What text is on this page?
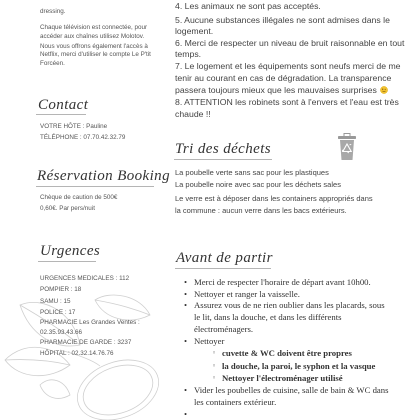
dressing.
Chaque télévision est connectée, pour
accéder aux chaînes utilisez Molotov.
Nous vous offrons également l'accès à
Netflix, merci d'utiliser le compte Le P'tit
Forcéen.
Contact
VOTRE HÔTE : Pauline
TÉLÉPHONE : 07.70.42.32.79
Réservation Booking
Chèque de caution de 500€
0,60€. Par pers/nuit
Urgences
URGENCES MEDICALES : 112
POMPIER : 18
SAMU : 15
POLICE : 17
PHARMACIE Les Grandes Ventes :
02.35.93.43.66
PHARMACIE DE GARDE : 3237
HÔPITAL : 02.32.14.76.76
4. Les animaux ne sont pas acceptés.
5. Aucune substances illégales ne sont admises dans le
logement.
6. Merci de respecter un niveau de bruit raisonnable en tout
temps.
7. Le logement et les équipements sont neufs merci de me
tenir au courant en cas de dégradation. La transparence
passera toujours mieux que les mauvaises surprises
8. ATTENTION les robinets sont à l'envers et l'eau est très
chaude !!
Tri des déchets
La poubelle verte sans sac pour les plastiques
La poubelle noire avec sac pour les déchets sales
Le verre est à déposer dans les containers appropriés dans
la commune : aucun verre dans les bacs extérieurs.
Avant de partir
• Merci de respecter l'horaire de départ avant 10h00.
• Nettoyer et ranger la vaisselle.
• Assurez vous de ne rien oublier dans les placards, sous
le lit, dans la douche, et dans les différents
électroménagers.
• Nettoyer
◦ cuvette & WC doivent être propres
◦ la douche, la paroi, le syphon et la vasque
◦ Nettoyer l'électroménager utilisé
• Vider les poubelles de cuisine, salle de bain & WC dans
les containers extérieur.
